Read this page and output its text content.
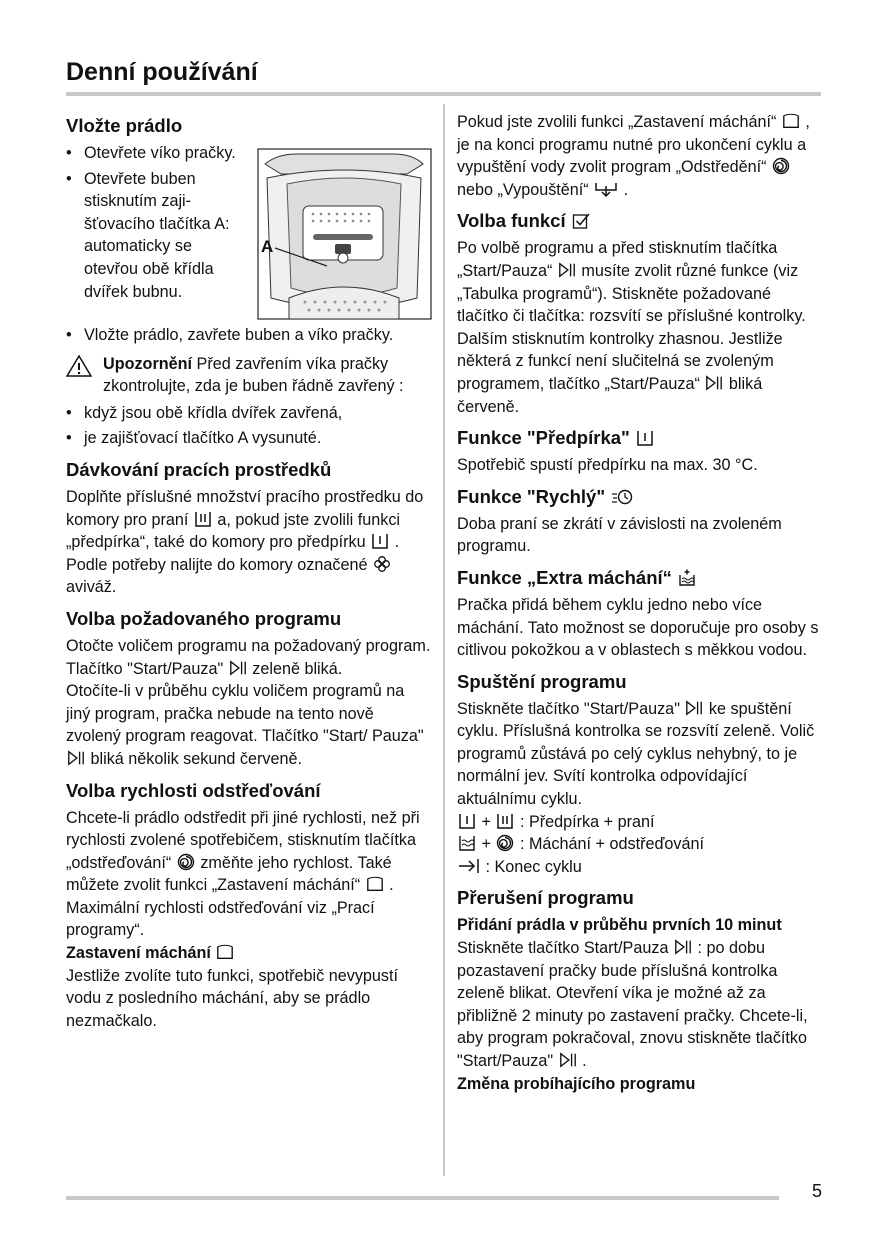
Denní používání
Vložte prádlo
A
• Otevřete víko pračky.
• Otevřete buben stisknutím zajišťovacího tlačítka A: automaticky se otevřou obě křídla dvířek bubnu.
• Vložte prádlo, zavřete buben a víko pračky.

Upozornění Před zavřením víka pračky zkontrolujte, zda je buben řádně zavřený :

• když jsou obě křídla dvířek zavřená,
• je zajišťovací tlačítko A vysunuté.
Dávkování pracích prostředků

Doplňte příslušné množství pracího prostředku do komory pro praní
a, pokud jste zvolili funkci „předpírka“, také do komory pro předpírku
. Podle potřeby nalijte do komory označené
aviváž.

Volba požadovaného programu

Otočte voličem programu na požadovaný program. Tlačítko "Start/Pauza"
zeleně bliká.

Otočíte-li v průběhu cyklu voličem programů na jiný program, pračka nebude na tento nově zvolený program reagovat. Tlačítko "Start/ Pauza"
bliká několik sekund červeně.

Volba rychlosti odstřeďování

Chcete-li prádlo odstředit při jiné rychlosti, než při rychlosti zvolené spotřebičem, stisknutím tlačítka „odstřeďování“
změňte jeho rychlost. Také můžete zvolit funkci „Zastavení máchání“
.

Maximální rychlosti odstřeďování viz „Prací programy“.

Zastavení máchání

Jestliže zvolíte tuto funkci, spotřebič nevypustí vodu z posledního máchání, aby se prádlo nezmačkalo.

Pokud jste zvolili funkci „Zastavení máchání“
, je na konci programu nutné pro ukončení cyklu a vypuštění vody zvolit program „Odstředění“
nebo „Vypouštění“
.

Volba funkcí

Po volbě programu a před stisknutím tlačítka „Start/Pauza“
musíte zvolit různé funkce (viz „Tabulka programů“). Stiskněte požadované tlačítko či tlačítka: rozsvítí se příslušné kontrolky. Dalším stisknutím kontrolky zhasnou. Jestliže některá z funkcí není slučitelná se zvoleným programem, tlačítko „Start/Pauza“
bliká červeně.

Funkce "Předpírka"

Spotřebič spustí předpírku na max. 30 °C.

Funkce "Rychlý"

Doba praní se zkrátí v závislosti na zvoleném programu.

Funkce „Extra máchání“

Pračka přidá během cyklu jedno nebo více máchání. Tato možnost se doporučuje pro osoby s citlivou pokožkou a v oblastech s měkkou vodou.

Spuštění programu

Stiskněte tlačítko "Start/Pauza"
ke spuštění cyklu. Příslušná kontrolka se rozsvítí zeleně. Volič programů zůstává po celý cyklus nehybný, to je normální jev. Svítí kontrolka odpovídající aktuálnímu cyklu.

+
: Předpírka + praní

+
: Máchání + odstřeďování

: Konec cyklu

Přerušení programu
Přidání prádla v průběhu prvních 10 minut

Stiskněte tlačítko Start/Pauza
: po dobu pozastavení pračky bude příslušná kontrolka zeleně blikat. Otevření víka je možné až za přibližně 2 minuty po zastavení pračky. Chcete-li, aby program pokračoval, znovu stiskněte tlačítko "Start/Pauza"
.

Změna probíhajícího programu
5
